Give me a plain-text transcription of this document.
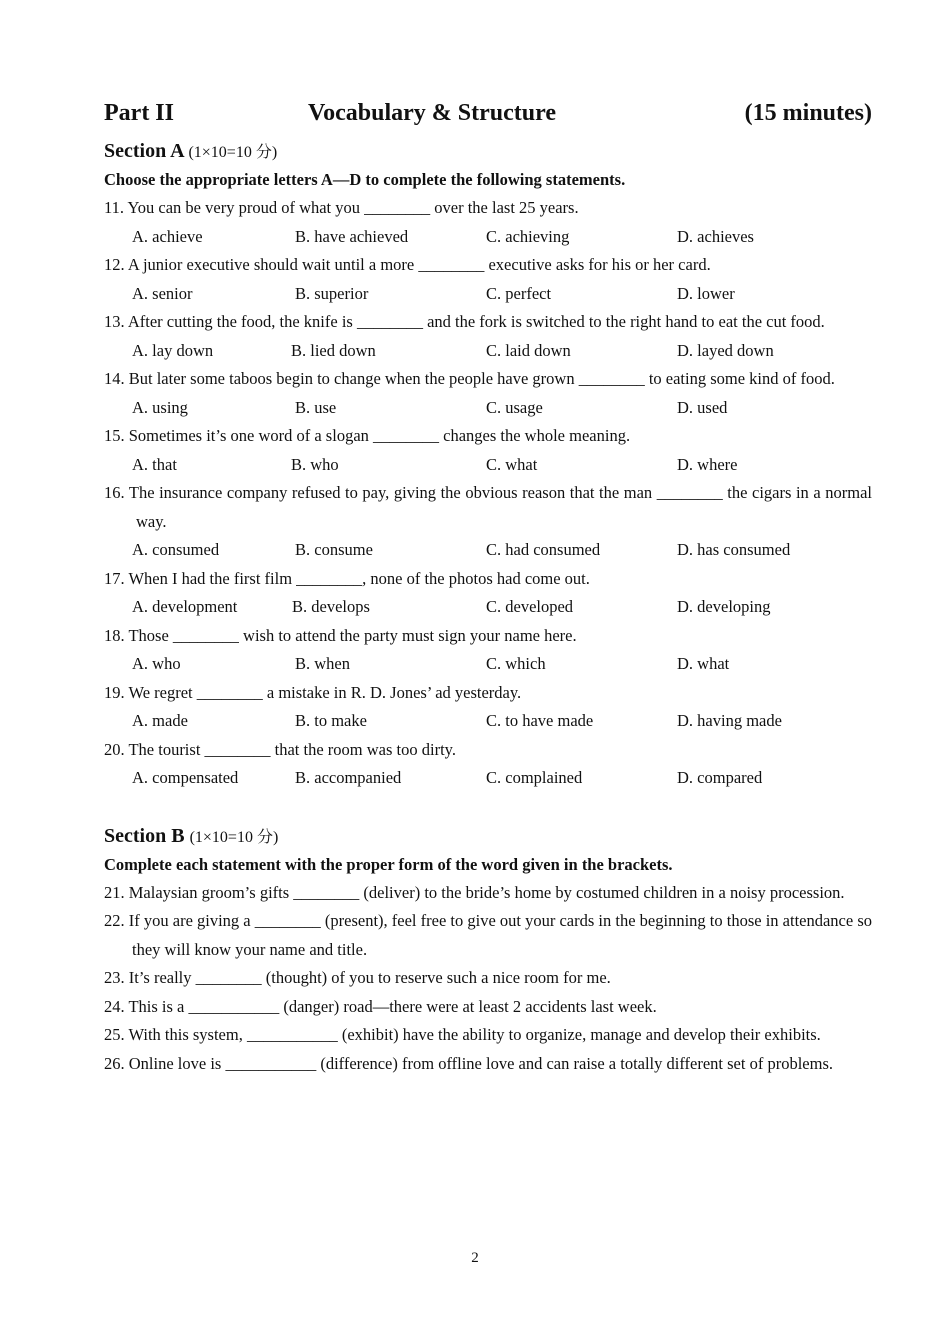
Part II	Vocabulary & Structure	(15 minutes)
Section A (1×10=10 分)
Choose the appropriate letters A—D to complete the following statements.
11. You can be very proud of what you ________ over the last 25 years.
A. achieve	B. have achieved	C. achieving	D. achieves
12. A junior executive should wait until a more ________ executive asks for his or her card.
A. senior	B. superior	C. perfect	D. lower
13. After cutting the food, the knife is ________ and the fork is switched to the right hand to eat the cut food.
A. lay down	B. lied down	C. laid down	D. layed down
14. But later some taboos begin to change when the people have grown ________ to eating some kind of food.
A. using	B. use	C. usage	D. used
15. Sometimes it’s one word of a slogan ________ changes the whole meaning.
A. that	B. who	C. what	D. where
16. The insurance company refused to pay, giving the obvious reason that the man ________ the cigars in a normal way.
A. consumed	B. consume	C. had consumed	D. has consumed
17. When I had the first film ________, none of the photos had come out.
A. development	B. develops	C. developed	D. developing
18. Those ________ wish to attend the party must sign your name here.
A. who	B. when	C. which	D. what
19. We regret ________ a mistake in R. D. Jones’ ad yesterday.
A. made	B. to make	C. to have made	D. having made
20. The tourist ________ that the room was too dirty.
A. compensated	B. accompanied	C. complained	D. compared
Section B (1×10=10 分)
Complete each statement with the proper form of the word given in the brackets.
21. Malaysian groom’s gifts ________ (deliver) to the bride’s home by costumed children in a noisy procession.
22. If you are giving a ________ (present), feel free to give out your cards in the beginning to those in attendance so they will know your name and title.
23. It’s really ________ (thought) of you to reserve such a nice room for me.
24. This is a ___________ (danger) road—there were at least 2 accidents last week.
25. With this system, ___________ (exhibit) have the ability to organize, manage and develop their exhibits.
26. Online love is ___________ (difference) from offline love and can raise a totally different set of problems.
2
